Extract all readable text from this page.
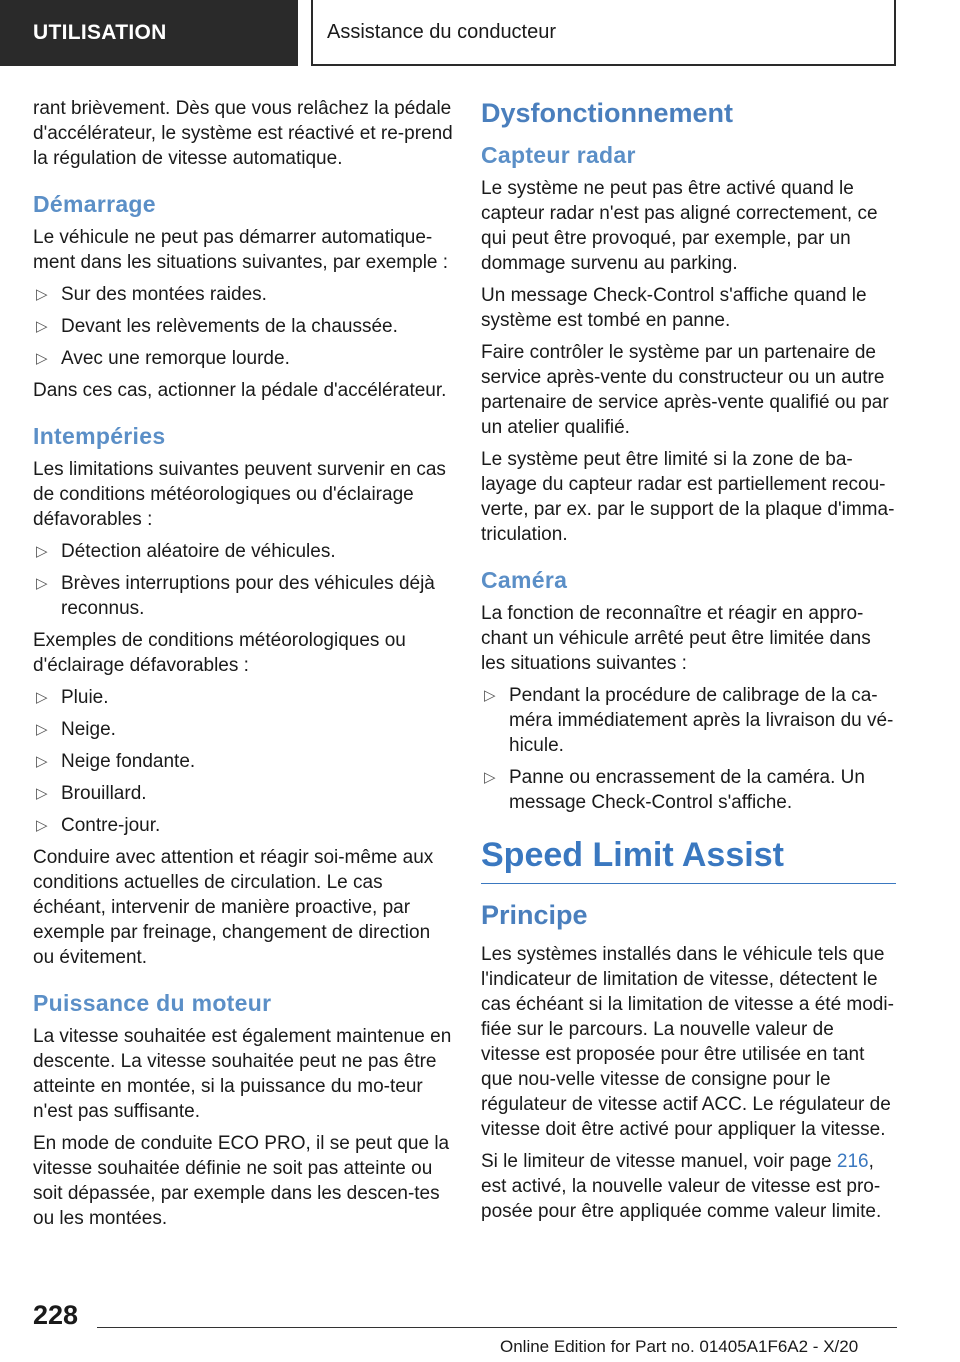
UTILISATION	Assistance du conducteur

rant brièvement. Dès que vous relâchez la pédale d'accélérateur, le système est réactivé et re-prend la régulation de vitesse automatique.

Démarrage

Le véhicule ne peut pas démarrer automatique-ment dans les situations suivantes, par exemple :

▷ Sur des montées raides.
▷ Devant les relèvements de la chaussée.
▷ Avec une remorque lourde.

Dans ces cas, actionner la pédale d'accélérateur.

Intempéries

Les limitations suivantes peuvent survenir en cas de conditions météorologiques ou d'éclairage défavorables :

▷ Détection aléatoire de véhicules.
▷ Brèves interruptions pour des véhicules déjà reconnus.

Exemples de conditions météorologiques ou d'éclairage défavorables :

▷ Pluie.
▷ Neige.
▷ Neige fondante.
▷ Brouillard.
▷ Contre-jour.

Conduire avec attention et réagir soi-même aux conditions actuelles de circulation. Le cas échéant, intervenir de manière proactive, par exemple par freinage, changement de direction ou évitement.

Puissance du moteur

La vitesse souhaitée est également maintenue en descente. La vitesse souhaitée peut ne pas être atteinte en montée, si la puissance du mo-teur n'est pas suffisante.

En mode de conduite ECO PRO, il se peut que la vitesse souhaitée définie ne soit pas atteinte ou soit dépassée, par exemple dans les descen-tes ou les montées.

Dysfonctionnement
Capteur radar

Le système ne peut pas être activé quand le capteur radar n'est pas aligné correctement, ce qui peut être provoqué, par exemple, par un dommage survenu au parking.

Un message Check-Control s'affiche quand le système est tombé en panne.

Faire contrôler le système par un partenaire de service après-vente du constructeur ou un autre partenaire de service après-vente qualifié ou par un atelier qualifié.

Le système peut être limité si la zone de ba-layage du capteur radar est partiellement recou-verte, par ex. par le support de la plaque d'imma-triculation.

Caméra

La fonction de reconnaître et réagir en appro-chant un véhicule arrêté peut être limitée dans les situations suivantes :

▷ Pendant la procédure de calibrage de la ca-méra immédiatement après la livraison du vé-hicule.
▷ Panne ou encrassement de la caméra. Un message Check-Control s'affiche.
Speed Limit Assist
Principe

Les systèmes installés dans le véhicule tels que l'indicateur de limitation de vitesse, détectent le cas échéant si la limitation de vitesse a été modi-fiée sur le parcours. La nouvelle valeur de vitesse est proposée pour être utilisée en tant que nou-velle vitesse de consigne pour le régulateur de vitesse actif ACC. Le régulateur de vitesse doit être activé pour appliquer la vitesse.

Si le limiteur de vitesse manuel, voir page 216, est activé, la nouvelle valeur de vitesse est pro-posée pour être appliquée comme valeur limite.

228
Online Edition for Part no. 01405A1F6A2 - X/20
